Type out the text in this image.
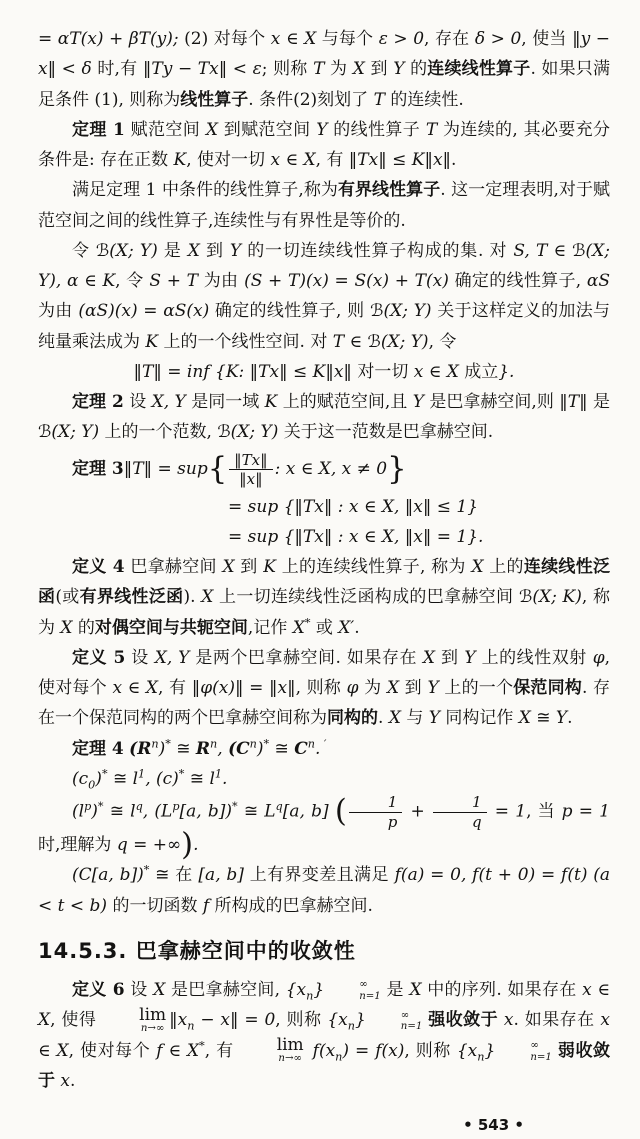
= αT(x) + βT(y); (2) 对每个 x ∈ X 与每个 ε > 0, 存在 δ > 0, 使当 ‖y − x‖ < δ 时,有 ‖Ty − Tx‖ < ε; 则称 T 为 X 到 Y 的连续线性算子. 如果只满足条件 (1), 则称为线性算子. 条件(2)刻划了 T 的连续性.
定理 1 赋范空间 X 到赋范空间 Y 的线性算子 T 为连续的, 其必要充分条件是: 存在正数 K, 使对一切 x ∈ X, 有 ‖Tx‖ ≤ K‖x‖.
满足定理 1 中条件的线性算子,称为有界线性算子. 这一定理表明,对于赋范空间之间的线性算子,连续性与有界性是等价的.
令 ℬ(X; Y) 是 X 到 Y 的一切连续线性算子构成的集. 对 S, T ∈ ℬ(X; Y), α ∈ K, 令 S + T 为由 (S + T)(x) = S(x) + T(x) 确定的线性算子, αS 为由 (αS)(x) = αS(x) 确定的线性算子, 则 ℬ(X; Y) 关于这样定义的加法与纯量乘法成为 K 上的一个线性空间. 对 T ∈ ℬ(X; Y), 令
‖T‖ = inf {K: ‖Tx‖ ≤ K‖x‖ 对一切 x ∈ X 成立}.
定理 2 设 X, Y 是同一域 K 上的赋范空间,且 Y 是巴拿赫空间,则 ‖T‖ 是 ℬ(X; Y) 上的一个范数, ℬ(X; Y) 关于这一范数是巴拿赫空间.
定理 3 ‖T‖ = sup { $\frac{‖Tx‖}{‖x‖}$ : x ∈ X, x ≠ 0 }
= sup {‖Tx‖ : x ∈ X, ‖x‖ ≤ 1}
= sup {‖Tx‖ : x ∈ X, ‖x‖ = 1}.
定义 4 巴拿赫空间 X 到 K 上的连续线性算子, 称为 X 上的连续线性泛函(或有界线性泛函). X 上一切连续线性泛函构成的巴拿赫空间 ℬ(X; K), 称为 X 的对偶空间与共轭空间,记作 X* 或 X′.
定义 5 设 X, Y 是两个巴拿赫空间. 如果存在 X 到 Y 上的线性双射 φ, 使对每个 x ∈ X, 有 ‖φ(x)‖ = ‖x‖, 则称 φ 为 X 到 Y 上的一个保范同构. 存在一个保范同构的两个巴拿赫空间称为同构的. X 与 Y 同构记作 X ≅ Y.
定理 4 $(R^n)^*$ ≅ $R^n$, $(C^n)^*$ ≅ $C^n$. ′
$(c_0)^*$ ≅ $l^1$, (c)* ≅ $l^1$.
$(l^p)^*$ ≅ $l^q$, ($L^p[a$, b])* ≅ $L^q[a$, b] ( $\frac{1}{p} + \frac{1}{q} = 1$, 当 p = 1 时,理解为 q = +∞).
(C[a, b])* ≅ 在 [a, b] 上有界变差且满足 f(a) = 0, f(t + 0) = f(t) (a < t < b) 的一切函数 f 所构成的巴拿赫空间.
14.5.3. 巴拿赫空间中的收敛性
定义 6 设 X 是巴拿赫空间, $\{x_n\}$	∞
n=1 是 X 中的序列. 如果存在 x ∈ X, 使得	lim
n→∞ $‖x_n$ − x‖ = 0, 则称 $\{x_n\}$	∞
n=1 强收敛于 x. 如果存在 x ∈ X, 使对每个 f ∈ X*, 有	lim
n→∞ $f(x_n) = f(x)$, 则称 $\{x_n\}$	∞
n=1 弱收敛于 x.
• 543 •
